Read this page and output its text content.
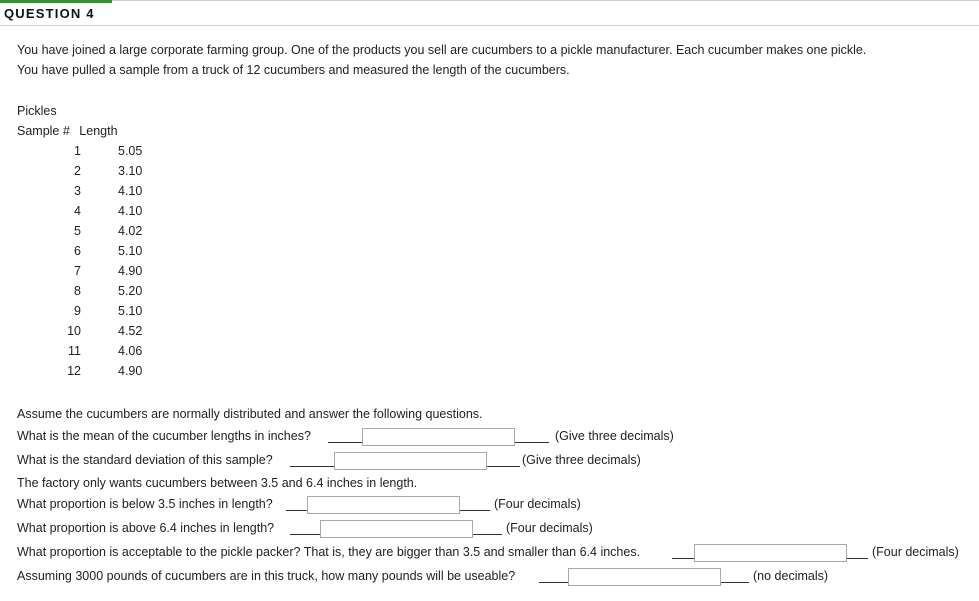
QUESTION 4
You have joined a large corporate farming group. One of the products you sell are cucumbers to a pickle manufacturer. Each cucumber makes one pickle.
You have pulled a sample from a truck of 12 cucumbers and measured the length of the cucumbers.
Pickles
Sample # Length
1	5.05
2	3.10
3	4.10
4	4.10
5	4.02
6	5.10
7	4.90
8	5.20
9	5.10
10	4.52
11	4.06
12	4.90
Assume the cucumbers are normally distributed and answer the following questions.
What is the mean of the cucumber lengths in inches?	(Give three decimals)
What is the standard deviation of this sample?	(Give three decimals)
The factory only wants cucumbers between 3.5 and 6.4 inches in length.
What proportion is below 3.5 inches in length?	(Four decimals)
What proportion is above 6.4 inches in length?	(Four decimals)
What proportion is acceptable to the pickle packer? That is, they are bigger than 3.5 and smaller than 6.4 inches.	(Four decimals)
Assuming 3000 pounds of cucumbers are in this truck, how many pounds will be useable?	(no decimals)
